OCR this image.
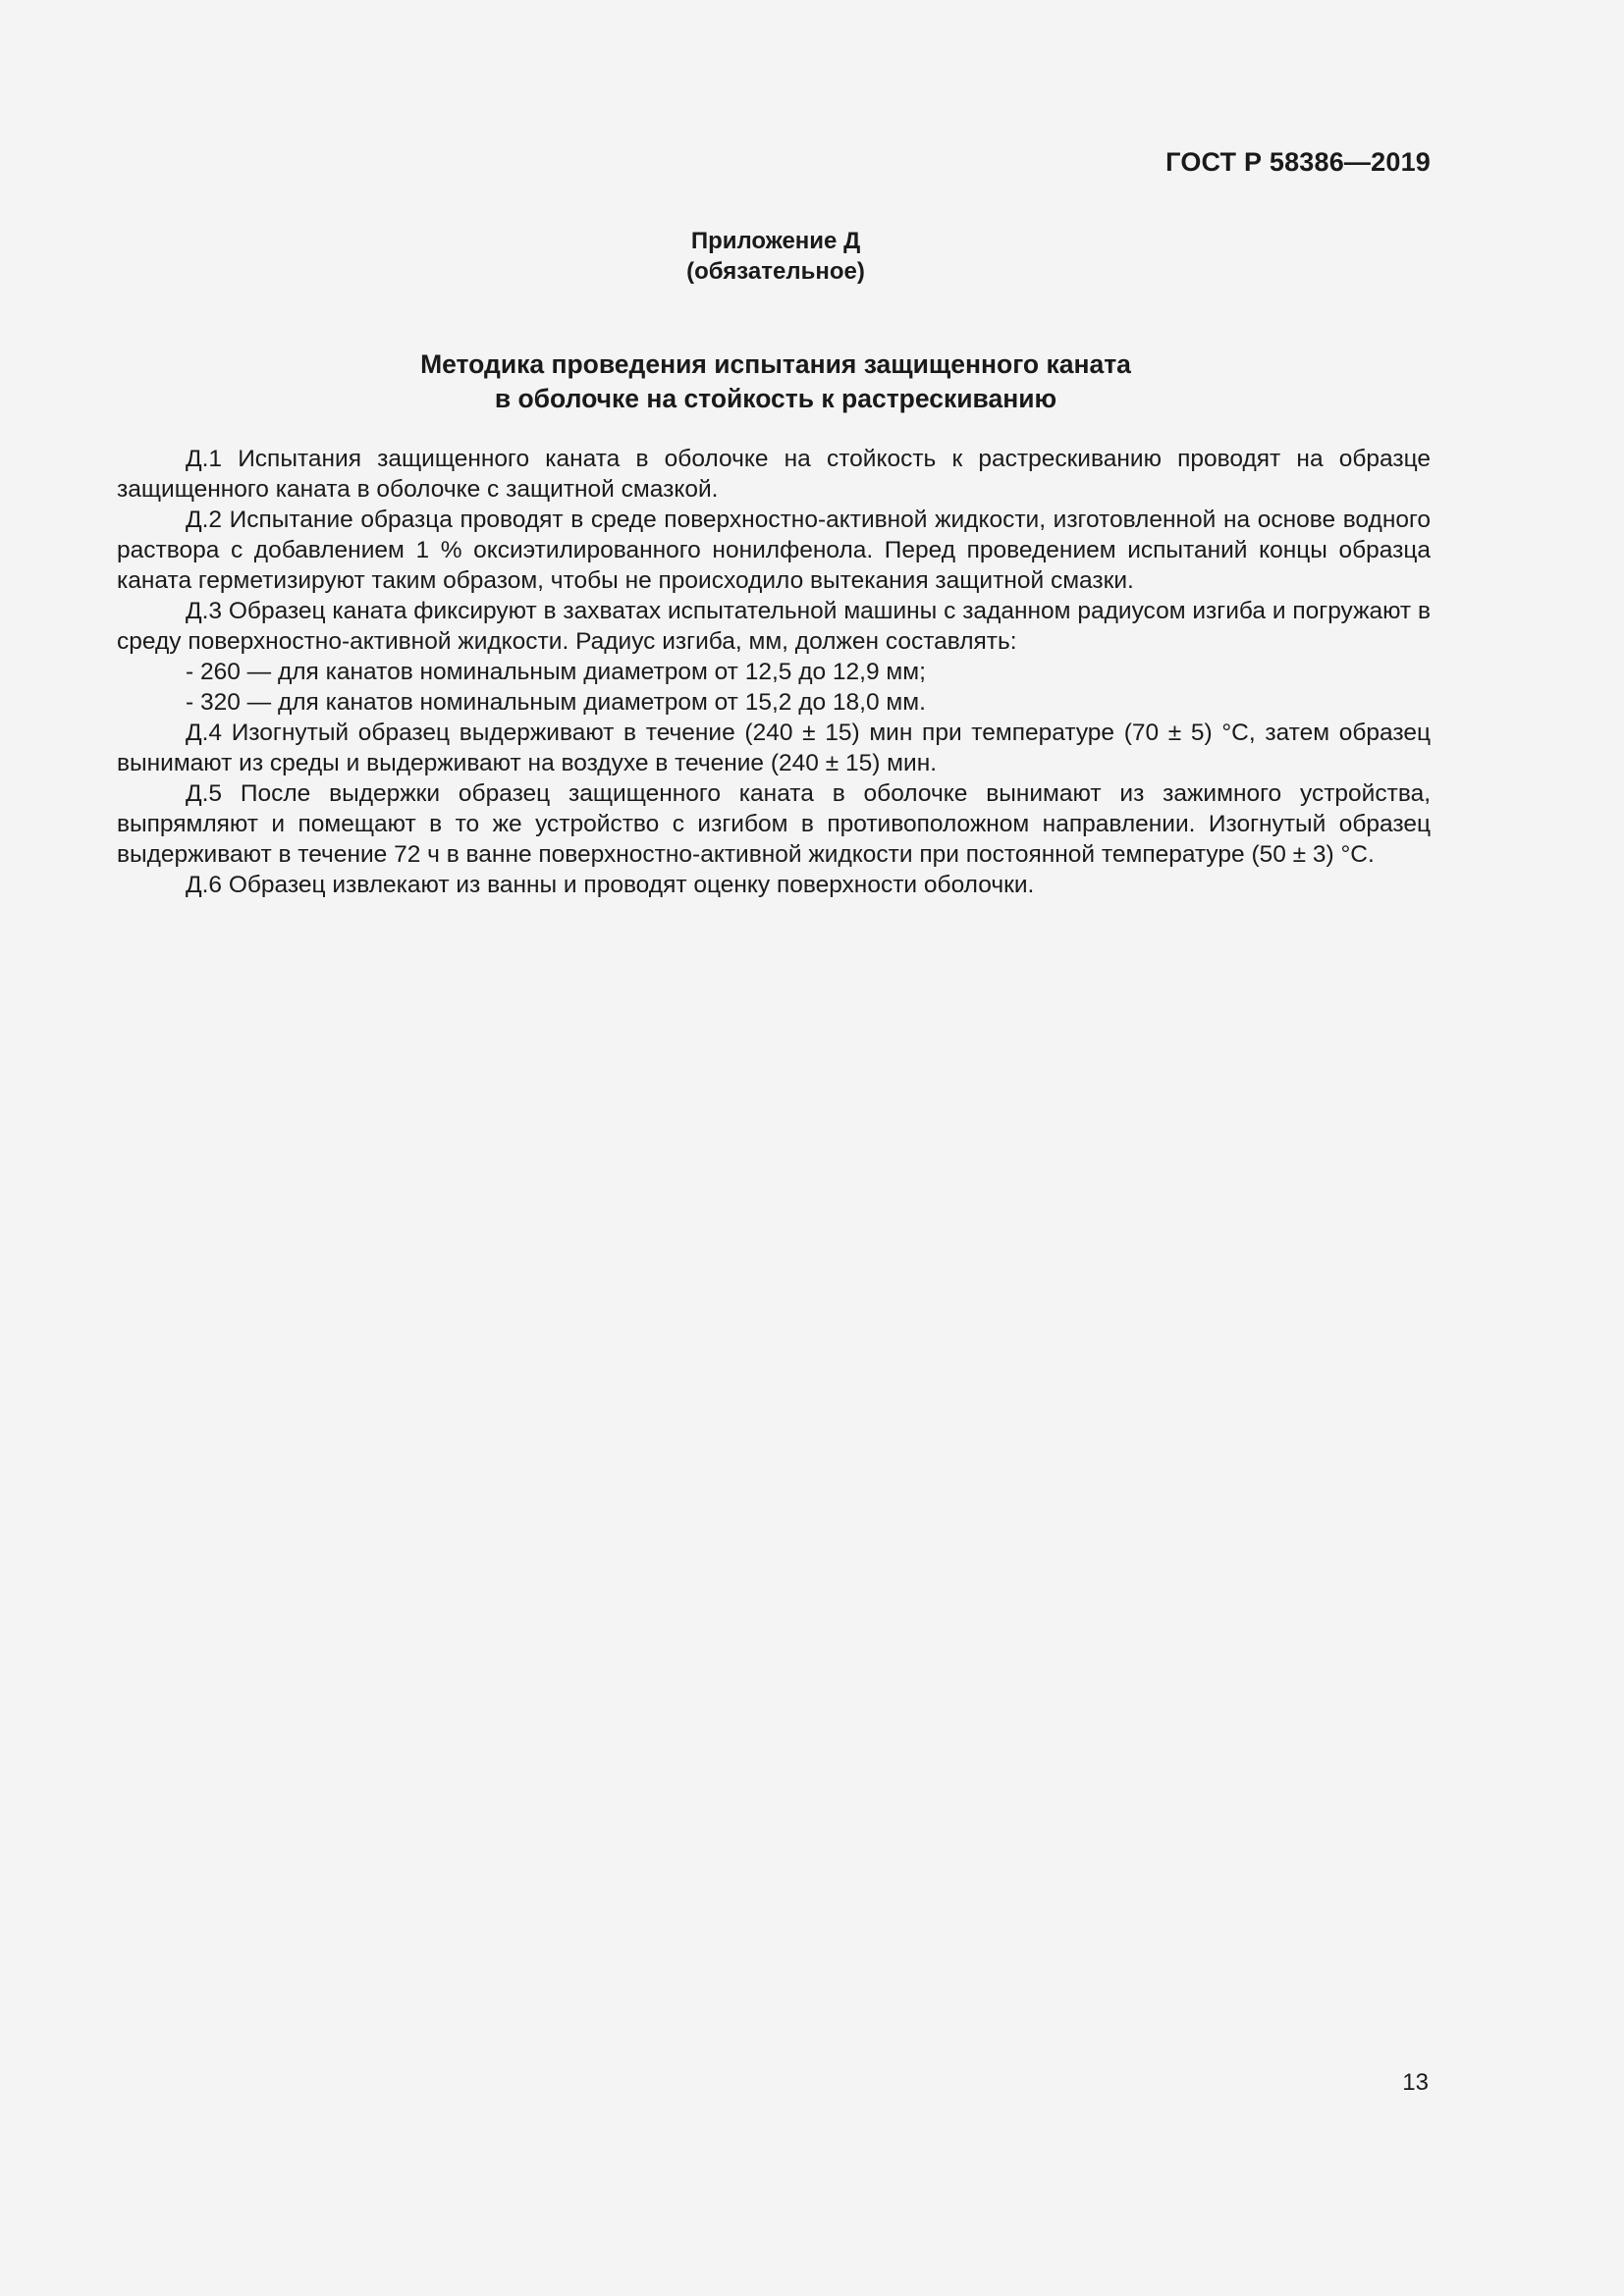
ГОСТ Р 58386—2019
Приложение Д
(обязательное)
Методика проведения испытания защищенного каната
в оболочке на стойкость к растрескиванию

Д.1 Испытания защищенного каната в оболочке на стойкость к растрескиванию проводят на образце защищенного каната в оболочке с защитной смазкой.

Д.2 Испытание образца проводят в среде поверхностно-активной жидкости, изготовленной на основе водного раствора с добавлением 1 % оксиэтилированного нонилфенола. Перед проведением испытаний концы образца каната герметизируют таким образом, чтобы не происходило вытекания защитной смазки.

Д.3 Образец каната фиксируют в захватах испытательной машины с заданном радиусом изгиба и погружают в среду поверхностно-активной жидкости. Радиус изгиба, мм, должен составлять:

- 260 — для канатов номинальным диаметром от 12,5 до 12,9 мм;

- 320 — для канатов номинальным диаметром от 15,2 до 18,0 мм.

Д.4 Изогнутый образец выдерживают в течение (240 ± 15) мин при температуре (70 ± 5) °С, затем образец вынимают из среды и выдерживают на воздухе в течение (240 ± 15) мин.

Д.5 После выдержки образец защищенного каната в оболочке вынимают из зажимного устройства, выпрямляют и помещают в то же устройство с изгибом в противоположном направлении. Изогнутый образец выдерживают в течение 72 ч в ванне поверхностно-активной жидкости при постоянной температуре (50 ± 3) °С.

Д.6 Образец извлекают из ванны и проводят оценку поверхности оболочки.

13
